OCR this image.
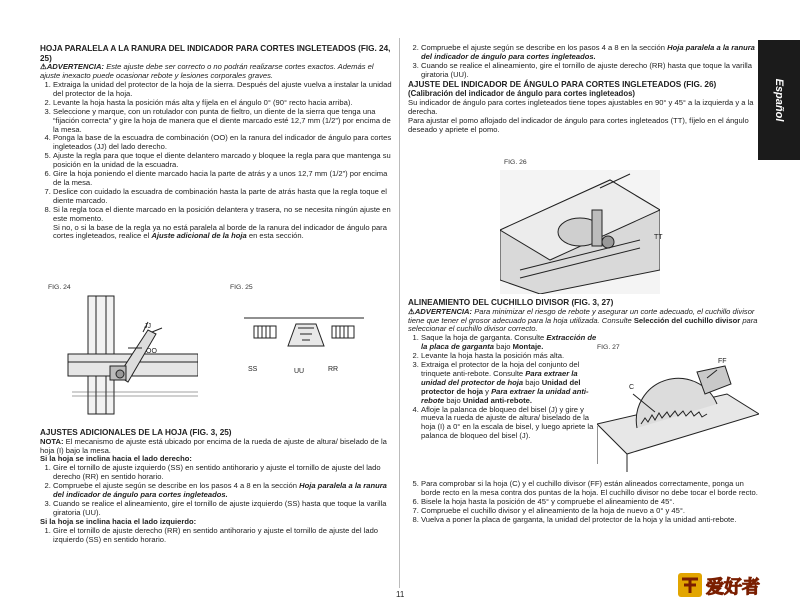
Español

HOJA PARALELA A LA RANURA DEL INDICADOR PARA CORTES INGLETEADOS (FIG. 24, 25)

⚠ADVERTENCIA: Este ajuste debe ser correcto o no podrán realizarse cortes exactos. Además el ajuste inexacto puede ocasionar rebote y lesiones corporales graves.

1. Extraiga la unidad del protector de la hoja de la sierra. Después del ajuste vuelva a instalar la unidad del protector de la hoja.
2. Levante la hoja hasta la posición más alta y fíjela en el ángulo 0° (90° recto hacia arriba).
3. Seleccione y marque, con un rotulador con punta de fieltro, un diente de la sierra que tenga una “fijación correcta” y gire la hoja de manera que el diente marcado esté 12,7 mm (1/2”) por encima de la mesa.
4. Ponga la base de la escuadra de combinación (OO) en la ranura del indicador de ángulo para cortes ingleteados (JJ) del lado derecho.
5. Ajuste la regla para que toque el diente delantero marcado y bloquee la regla para que mantenga su posición en la unidad de la escuadra.
6. Gire la hoja poniendo el diente marcado hacia la parte de atrás y a unos 12,7 mm (1/2”) por encima de la mesa.
7. Deslice con cuidado la escuadra de combinación hasta la parte de atrás hasta que la regla toque el diente marcado.
8. Si la regla toca el diente marcado en la posición delantera y trasera, no se necesita ningún ajuste en este momento.
Si no, o si la base de la regla ya no está paralela al borde de la ranura del indicador de ángulo para cortes ingleteados, realice el Ajuste adicional de la hoja en esta sección.
FIG. 24
JJ
OO
FIG. 25
SS	UU	RR

AJUSTES ADICIONALES DE LA HOJA (FIG. 3, 25)

NOTA: El mecanismo de ajuste está ubicado por encima de la rueda de ajuste de altura/ biselado de la hoja (I) bajo la mesa.

Si la hoja se inclina hacia el lado derecho:

1. Gire el tornillo de ajuste izquierdo (SS) en sentido antihorario y ajuste el tornillo de ajuste del lado derecho (RR) en sentido horario.
2. Compruebe el ajuste según se describe en los pasos 4 a 8 en la sección Hoja paralela a la ranura del indicador de ángulo para cortes ingleteados.
3. Cuando se realice el alineamiento, gire el tornillo de ajuste izquierdo (SS) hasta que toque la varilla giratoria (UU).

Si la hoja se inclina hacia el lado izquierdo:

1. Gire el tornillo de ajuste derecho (RR) en sentido antihorario y ajuste el tornillo de ajuste del lado izquierdo (SS) en sentido horario.
2. Compruebe el ajuste según se describe en los pasos 4 a 8 en la sección Hoja paralela a la ranura del indicador de ángulo para cortes ingleteados.
3. Cuando se realice el alineamiento, gire el tornillo de ajuste derecho (RR) hasta que toque la varilla giratoria (UU).

AJUSTE DEL INDICADOR DE ÁNGULO PARA CORTES INGLETEADOS (FIG. 26)

(Calibración del indicador de ángulo para cortes ingleteados)

Su indicador de ángulo para cortes ingleteados tiene topes ajustables en 90° y 45° a la izquierda y a la derecha.

Para ajustar el pomo aflojado del indicador de ángulo para cortes ingleteados (TT), fíjelo en el ángulo deseado y apriete el pomo.

FIG. 26
TT

ALINEAMIENTO DEL CUCHILLO DIVISOR (FIG. 3, 27)

⚠ADVERTENCIA: Para minimizar el riesgo de rebote y asegurar un corte adecuado, el cuchillo divisor tiene que tener el grosor adecuado para la hoja utilizada. Consulte Selección del cuchillo divisor para seleccionar el cuchillo divisor correcto.

1. Saque la hoja de garganta. Consulte Extracción de la placa de garganta bajo Montaje.
2. Levante la hoja hasta la posición más alta.
3. Extraiga el protector de la hoja del conjunto del trinquete anti-rebote. Consulte Para extraer la unidad del protector de hoja bajo Unidad del protector de hoja y Para extraer la unidad anti-rebote bajo Unidad anti-rebote.
4. Afloje la palanca de bloqueo del bisel (J) y gire y mueva la rueda de ajuste de altura/ biselado de la hoja (I) a 0° en la escala de bisel, y luego apriete la palanca de bloqueo del bisel (J).
5. Para comprobar si la hoja (C) y el cuchillo divisor (FF) están alineados correctamente, ponga un borde recto en la mesa contra dos puntas de la hoja. El cuchillo divisor no debe tocar el borde recto.
6. Bisele la hoja hasta la posición de 45° y compruebe el alineamiento de 45°.
7. Compruebe el cuchillo divisor y el alineamiento de la hoja de nuevo a 0° y 45°.
8. Vuelva a poner la placa de garganta, la unidad del protector de la hoja y la unidad anti-rebote.
FIG. 27
FF
C
11	爱好者
